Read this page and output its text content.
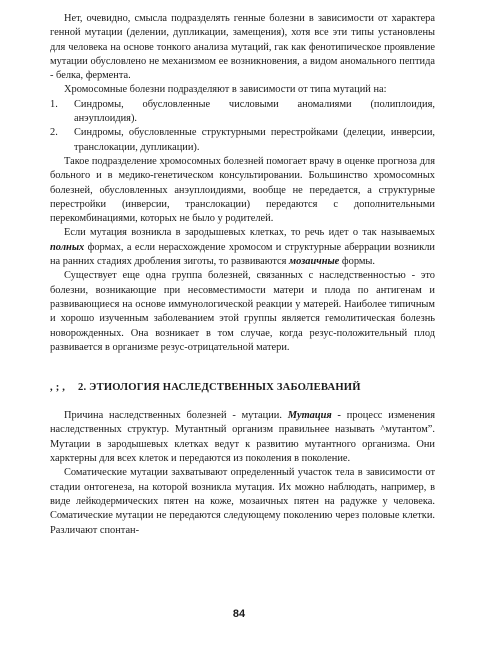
Нет, очевидно, смысла подразделять генные болезни в зависимости от характера генной мутации (делении, дупликации, замещения), хотя все эти типы установлены для человека на основе тонкого анализа мутаций, гак как фенотипическое проявление мутации обусловлено не механизмом ее возникновения, а видом аномального пептида - белка, фермента.

Хромосомные болезни подразделяют в зависимости от типа мутаций на:

1. Синдромы, обусловленные числовыми аномалиями (полиплоидия, анэуплоидия).
2. Синдромы, обусловленные структурными перестройками (делеции, инверсии, транслокации, дупликации).

Такое подразделение хромосомных болезней помогает врачу в оценке прогноза для больного и в медико-генетическом консультировании. Большинство хромосомных болезней, обусловленных анэуплоидиями, вообще не передается, а структурные перестройки (инверсии, транслокации) передаются с дополнительными перекомбинациями, которых не было у родителей.

Если мутация возникла в зародышевых клетках, то речь идет о так называемых полных формах, а если нерасхождение хромосом и структурные аберрации возникли на ранних стадиях дробления зиготы, то развиваются мозаичные формы.

Существует еще одна группа болезней, связанных с наследственностью - это болезни, возникающие при несовместимости матери и плода по антигенам и развивающиеся на основе иммунологической реакции у матерей. Наиболее типичным и хорошо изученным заболеванием этой группы является гемолитическая болезнь новорожденных. Она возникает в том случае, когда резус-положительный плод развивается в организме резус-отрицательной матери.

, ; , 2. ЭТИОЛОГИЯ НАСЛЕДСТВЕННЫХ ЗАБОЛЕВАНИЙ

Причина наследственных болезней - мутации. Мутация - процесс изменения наследственных структур. Мутантный организм правильнее называть ^мутантом”. Мутации в зародышевых клетках ведут к развитию мутантного организма. Они харктерны для всех клеток и передаются из поколения в поколение.

Соматические мутации захватывают определенный участок тела в зависимости от стадии онтогенеза, на которой возникла мутация. Их можно наблюдать, например, в виде лейкодермических пятен на коже, мозаичных пятен на радужке у человека. Соматические мутации не передаются следующему поколению через половые клетки. Различают спонтан-

84
